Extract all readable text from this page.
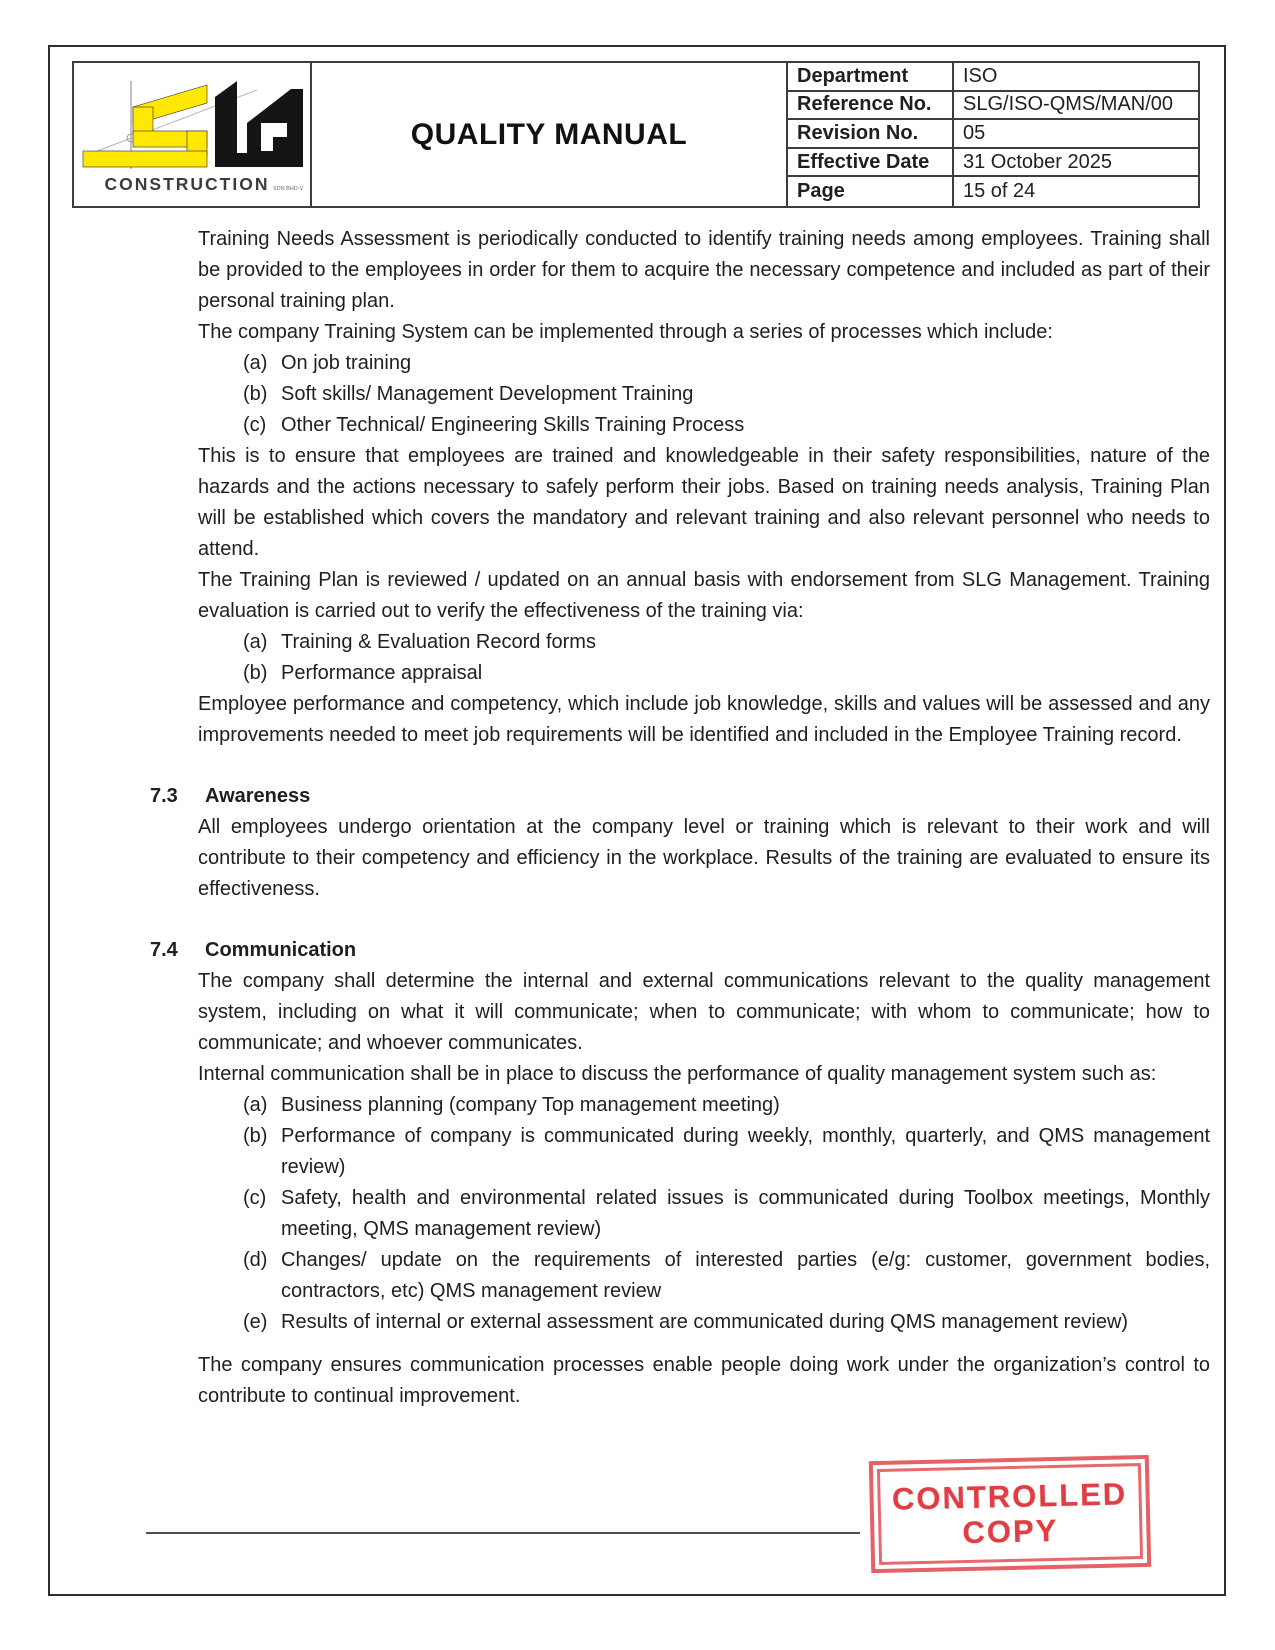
CONSTRUCTION SDN BHD-V
QUALITY MANUAL
Department	ISO
Reference No.	SLG/ISO-QMS/MAN/00
Revision No.	05
Effective Date	31 October 2025
Page	15 of 24

Training Needs Assessment is periodically conducted to identify training needs among employees. Training shall be provided to the employees in order for them to acquire the necessary competence and included as part of their personal training plan.

The company Training System can be implemented through a series of processes which include:

(a) On job training
(b) Soft skills/ Management Development Training
(c) Other Technical/ Engineering Skills Training Process

This is to ensure that employees are trained and knowledgeable in their safety responsibilities, nature of the hazards and the actions necessary to safely perform their jobs. Based on training needs analysis, Training Plan will be established which covers the mandatory and relevant training and also relevant personnel who needs to attend.

The Training Plan is reviewed / updated on an annual basis with endorsement from SLG Management. Training evaluation is carried out to verify the effectiveness of the training via:

(a) Training & Evaluation Record forms
(b) Performance appraisal

Employee performance and competency, which include job knowledge, skills and values will be assessed and any improvements needed to meet job requirements will be identified and included in the Employee Training record.

7.3	Awareness

All employees undergo orientation at the company level or training which is relevant to their work and will contribute to their competency and efficiency in the workplace. Results of the training are evaluated to ensure its effectiveness.

7.4	Communication

The company shall determine the internal and external communications relevant to the quality management system, including on what it will communicate; when to communicate; with whom to communicate; how to communicate; and whoever communicates.

Internal communication shall be in place to discuss the performance of quality management system such as:

(a) Business planning (company Top management meeting)
(b) Performance of company is communicated during weekly, monthly, quarterly, and QMS management review)
(c) Safety, health and environmental related issues is communicated during Toolbox meetings, Monthly meeting, QMS management review)
(d) Changes/ update on the requirements of interested parties (e/g: customer, government bodies, contractors, etc) QMS management review
(e) Results of internal or external assessment are communicated during QMS management review)

The company ensures communication processes enable people doing work under the organization’s control to contribute to continual improvement.

CONTROLLED
COPY
